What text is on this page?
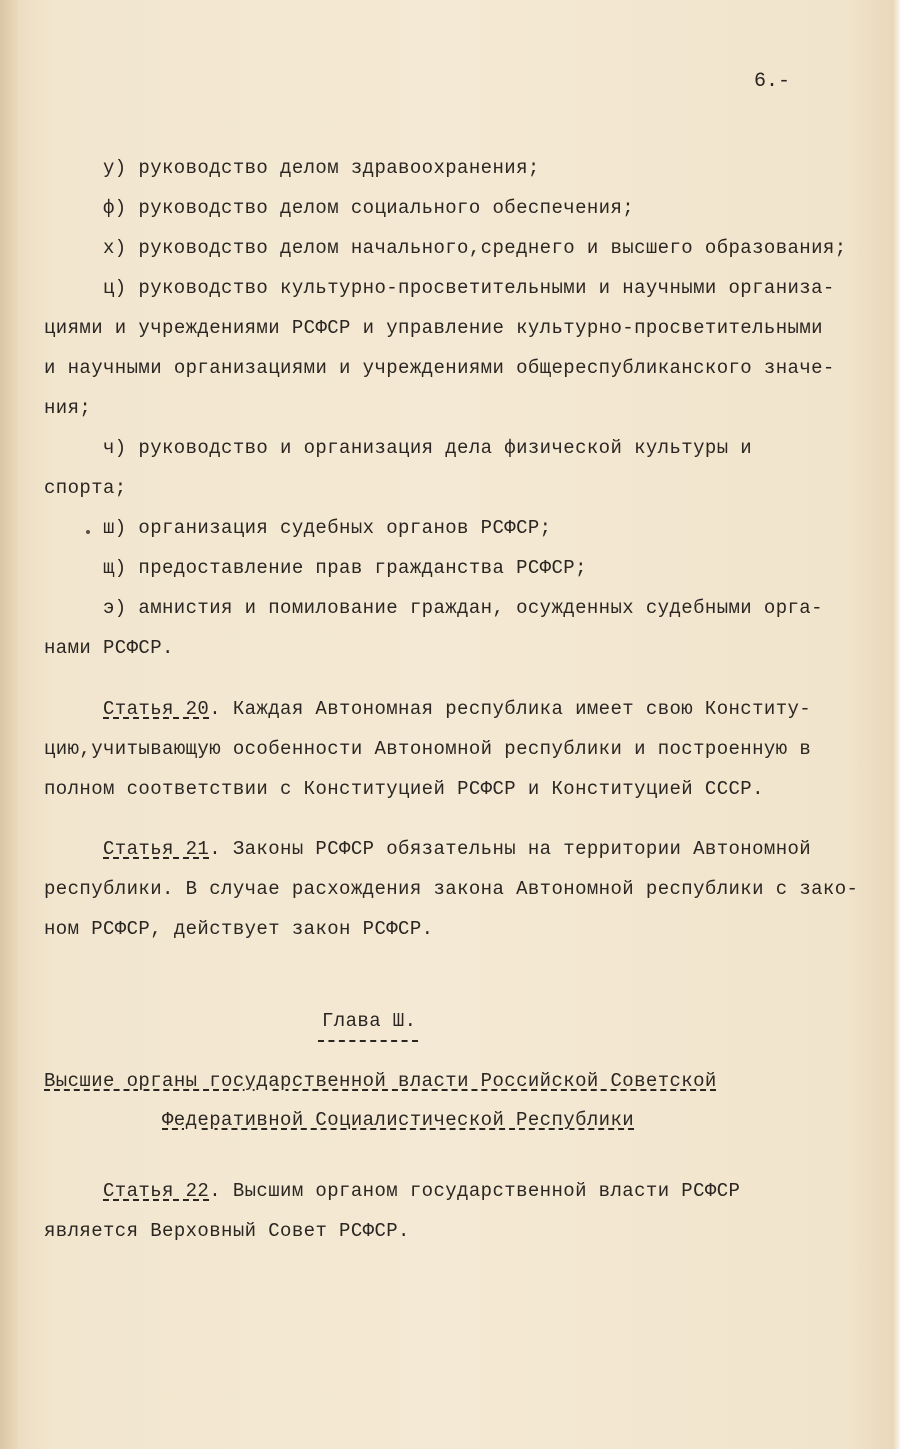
6.-
у) руководство делом здравоохранения;
ф) руководство делом социального обеспечения;
х) руководство делом начального,среднего и высшего образования;
ц) руководство культурно-просветительными и научными организа-
циями и учреждениями РСФСР и управление культурно-просветительными
и научными организациями и учреждениями общереспубликанского значе-
ния;
ч) руководство и организация дела физической культуры и
спорта;
ш) организация судебных органов РСФСР;
щ) предоставление прав гражданства РСФСР;
э) амнистия и помилование граждан, осужденных судебными орга-
нами РСФСР.
Статья 20. Каждая Автономная республика имеет свою Конститу-
цию,учитывающую особенности Автономной республики и построенную в
полном соответствии с Конституцией РСФСР и Конституцией СССР.
Статья 21. Законы РСФСР обязательны на территории Автономной
республики. В случае расхождения закона Автономной республики с зако-
ном РСФСР, действует закон РСФСР.
Глава Ш.
Высшие органы государственной власти Российской Советской
Федеративной Социалистической Республики
Статья 22. Высшим органом государственной власти РСФСР
является Верховный Совет РСФСР.
